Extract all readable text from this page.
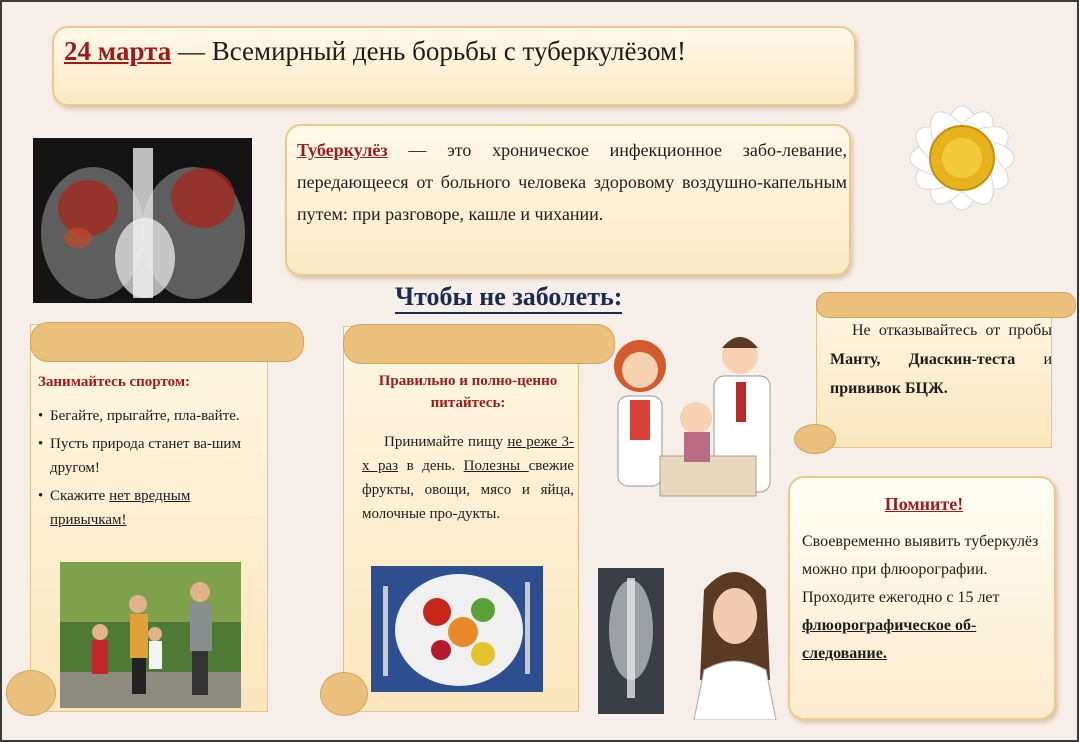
24 марта — Всемирный день борьбы с туберкулёзом!
Туберкулёз — это хроническое инфекционное забо-левание, передающееся от больного человека здоровому воздушно-капельным путем: при разговоре, кашле и чихании.
Чтобы не заболеть:
Занимайтесь спортом:
• Бегайте, прыгайте, пла-вайте.
• Пусть природа станет ва-шим другом!
• Скажите нет вредным привычкам!
Правильно и полно-ценно питайтесь:

Принимайте пищу не реже 3-х раз в день. Полезны свежие фрукты, овощи, мясо и яйца, молочные про-дукты.

Не отказывайтесь от пробы Манту, Диаскин-теста и прививок БЦЖ.

Помните!

Своевременно выявить туберкулёз можно при флюорографии. Проходите ежегодно с 15 лет флюорографическое об-следование.
